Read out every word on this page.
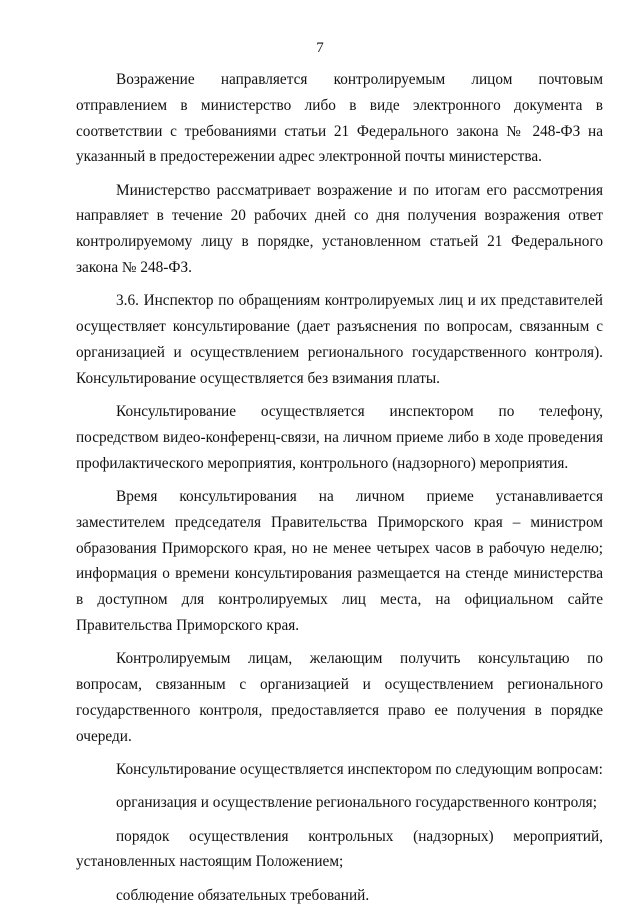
7

Возражение направляется контролируемым лицом почтовым отправлением в министерство либо в виде электронного документа в соответствии с требованиями статьи 21 Федерального закона № 248-ФЗ на указанный в предостережении адрес электронной почты министерства.

Министерство рассматривает возражение и по итогам его рассмотрения направляет в течение 20 рабочих дней со дня получения возражения ответ контролируемому лицу в порядке, установленном статьей 21 Федерального закона № 248-ФЗ.

3.6. Инспектор по обращениям контролируемых лиц и их представителей осуществляет консультирование (дает разъяснения по вопросам, связанным с организацией и осуществлением регионального государственного контроля). Консультирование осуществляется без взимания платы.

Консультирование осуществляется инспектором по телефону, посредством видео-конференц-связи, на личном приеме либо в ходе проведения профилактического мероприятия, контрольного (надзорного) мероприятия.

Время консультирования на личном приеме устанавливается заместителем председателя Правительства Приморского края – министром образования Приморского края, но не менее четырех часов в рабочую неделю; информация о времени консультирования размещается на стенде министерства в доступном для контролируемых лиц места, на официальном сайте Правительства Приморского края.

Контролируемым лицам, желающим получить консультацию по вопросам, связанным с организацией и осуществлением регионального государственного контроля, предоставляется право ее получения в порядке очереди.

Консультирование осуществляется инспектором по следующим вопросам:

организация и осуществление регионального государственного контроля;

порядок осуществления контрольных (надзорных) мероприятий, установленных настоящим Положением;

соблюдение обязательных требований.
